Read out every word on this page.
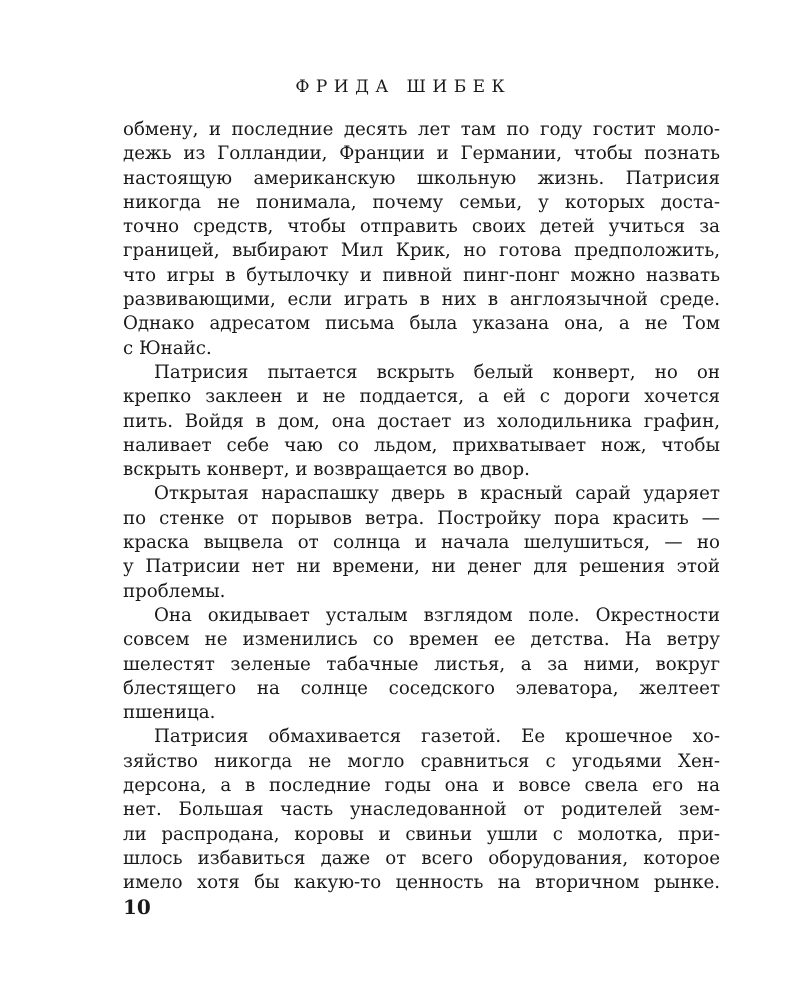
ФРИДА ШИБЕК
обмену, и последние десять лет там по году гостит моло-
дежь из Голландии, Франции и Германии, чтобы познать
настоящую американскую школьную жизнь. Патрисия
никогда не понимала, почему семьи, у которых доста-
точно средств, чтобы отправить своих детей учиться за
границей, выбирают Мил Крик, но готова предположить,
что игры в бутылочку и пивной пинг-понг можно назвать
развивающими, если играть в них в англоязычной среде.
Однако адресатом письма была указана она, а не Том
с Юнайс.
Патрисия пытается вскрыть белый конверт, но он
крепко заклеен и не поддается, а ей с дороги хочется
пить. Войдя в дом, она достает из холодильника графин,
наливает себе чаю со льдом, прихватывает нож, чтобы
вскрыть конверт, и возвращается во двор.
Открытая нараспашку дверь в красный сарай ударяет
по стенке от порывов ветра. Постройку пора красить —
краска выцвела от солнца и начала шелушиться, — но
у Патрисии нет ни времени, ни денег для решения этой
проблемы.
Она окидывает усталым взглядом поле. Окрестности
совсем не изменились со времен ее детства. На ветру
шелестят зеленые табачные листья, а за ними, вокруг
блестящего на солнце соседского элеватора, желтеет
пшеница.
Патрисия обмахивается газетой. Ее крошечное хо-
зяйство никогда не могло сравниться с угодьями Хен-
дерсона, а в последние годы она и вовсе свела его на
нет. Большая часть унаследованной от родителей зем-
ли распродана, коровы и свиньи ушли с молотка, при-
шлось избавиться даже от всего оборудования, которое
имело хотя бы какую-то ценность на вторичном рынке.
10
